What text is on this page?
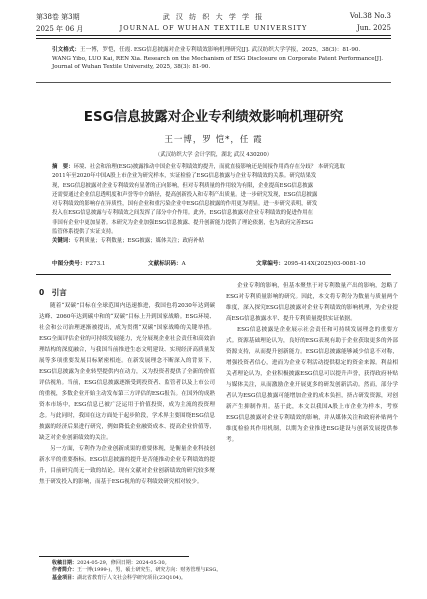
第38卷 第3期	武 汉 纺 织 大 学 学 报	Vol.38 No.3
2025 年 06 月	JOURNAL OF WUHAN TEXTILE UNIVERSITY	Jun. 2025

引文格式：王一博，罗恺，任霞. ESG信息披露对企业专利绩效影响机理研究[J]. 武汉纺织大学学报，2025，38(3)：81-90.

WANG Yibo, LUO Kai, REN Xia. Research on the Mechanism of ESG Disclosure on Corporate Patent Performance[J]. Journal of Wuhan Textile University, 2025, 38(3): 81-90.

ESG信息披露对企业专利绩效影响机理研究
王一博，罗 恺*，任 霞
（武汉纺织大学 会计学院，湖北 武汉 430200）

摘　要：环境、社会和治理(ESG)披露推动中国企业专利绩效的提升，而就直接影响还是间接作用尚存在分歧？ 本研究选取

2011年至2020年中国A股上市企业为研究样本，实证检验了ESG信息披露与企业专利绩效的关系。研究结果发

现，ESG信息披露对企业专利绩效有显著的正向影响，但对专利质量的作用较为有限，企业提高ESG信息披露

还需要通过企业信息透明度和声誉等中介路径，提高创新投入和专利产出质量。进一步研究发现，ESG信息披露

对专利绩效的影响存在异质性，国有企业和重污染企业中ESG信息披露的作用更为明显。进一步研究表明，研发

投入在ESG信息披露与专利绩效之间发挥了部分中介作用。此外，ESG信息披露对企业专利绩效的促进作用在

非国有企业中更加显著。本研究为企业加强ESG信息披露、提升创新能力提供了理论依据，也为政府完善ESG

监管体系提供了实证支持。

关键词：专利质量；专利数量；ESG披露；媒体关注；政府补贴

中图分类号：F273.1	文献标识码：A	文章编号：2095-414X(2025)03-0081-10

0　引言

随着“双碳”目标在全球范围内迅速推进，我国也将2030年达到碳达峰、2060年达到碳中和的“双碳”目标上升到国家战略。ESG环境、社会和公司治理逐渐被提出，成为贯彻“双碳”国家战略的关键举措。ESG全面评估企业的可持续发展能力，充分展现企业社会责任和高效治理结构的深度融合，与我国当前推进生态文明建设、实现经济高质量发展等多项重要发展目标紧密相连。在新发展理念不断深入的背景下，ESG信息披露为企业转型提供内在动力，又为投资者提供了全新的价值评估视角。当前，ESG信息披露逐渐受到投资者、监管者以及上市公司的重视，多数企业开始主动发布第三方评估的ESG报告。在国外的成熟资本市场中，ESG信息已被广泛运用于价值投资，成为主流的投资理念。与此同时，我国在这方面处于起步阶段，学术界主要围绕ESG信息披露的经济后果进行研究，例如降低企业融资成本、提高企业价值等，缺乏对企业创新绩效的关注。

另一方面，专利作为企业创新成果的重要体现，是衡量企业科技创新水平的重要指标。ESG信息披露的提升是否能推动企业专利绩效的提升，目前研究尚无一致的结论。现有文献对企业创新绩效的研究较多聚焦于研发投入的影响，而基于ESG视角的专利绩效研究相对较少。

企业专利的影响，但基本聚焦于对专利数量产出的影响，忽略了ESG对专利质量影响的研究。因此，本文将专利分为数量与质量两个维度，深入探究ESG信息披露对企业专利绩效的影响机理，为企业提高ESG信息披露水平、提升专利质量提供实证依据。

ESG信息披露是企业展示社会责任和可持续发展理念的重要方式。资源基础理论认为，良好的ESG表现有助于企业获取更多的外部资源支持，从而提升创新能力。ESG信息披露能够减少信息不对称，增强投资者信心，进而为企业专利活动提供稳定的资金来源。利益相关者理论认为，企业积极披露ESG信息可以提升声誉，获得政府补贴与媒体关注，从而激励企业开展更多的研发创新活动。然而，部分学者认为ESG信息披露可能增加企业的成本负担，挤占研发资源，对创新产生抑制作用。基于此，本文以我国A股上市企业为样本，考察ESG信息披露对企业专利绩效的影响，并从媒体关注和政府补贴两个维度检验其作用机制，以期为企业推进ESG建设与创新发展提供参考。

收稿日期：2024-05-29，修回日期：2024-05-30。

作者简介：王一博(1999-)，男，硕士研究生，研究方向：财务管理与ESG。

基金项目：湖北省教育厅人文社会科学研究项目(23Q104)。
